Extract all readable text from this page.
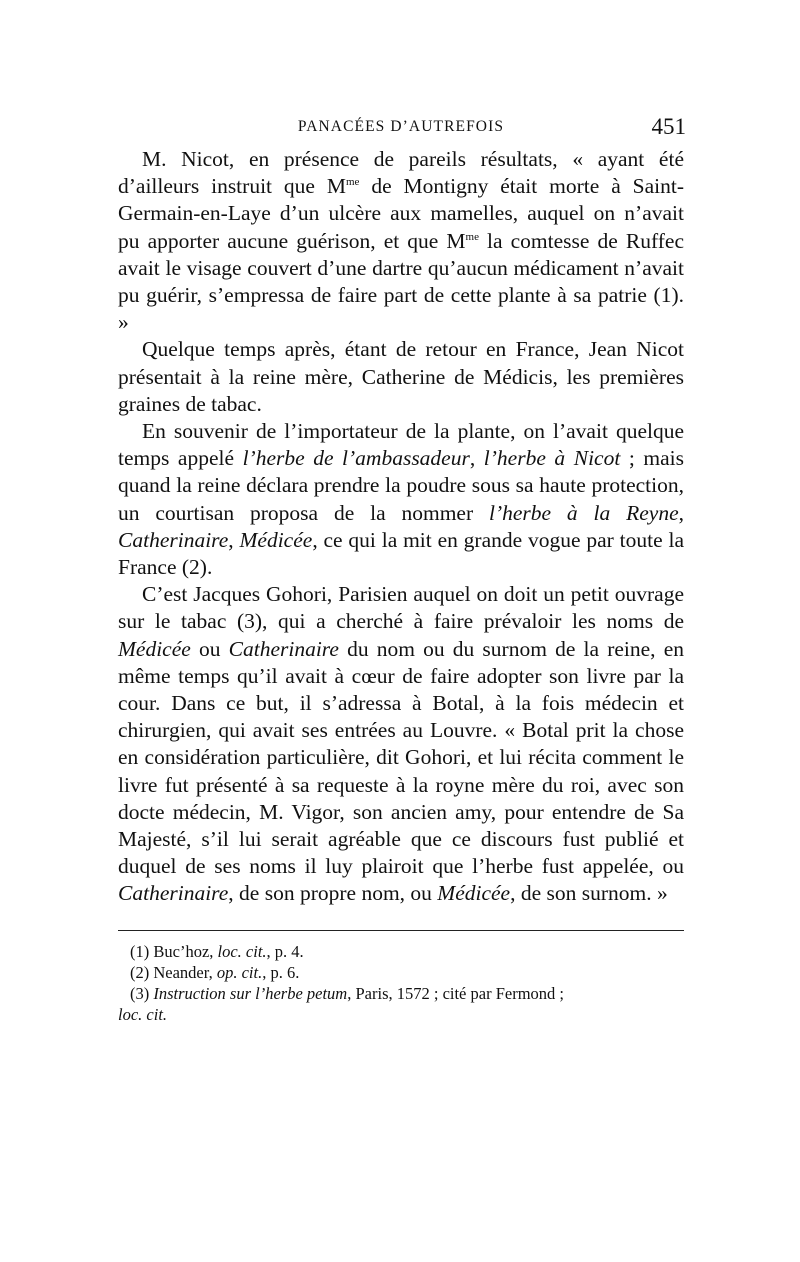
PANACÉES D’AUTREFOIS	451

M. Nicot, en présence de pareils résultats, « ayant été d’ailleurs instruit que $M^{me}$ de Montigny était morte à Saint-Germain-en-Laye d’un ulcère aux mamelles, auquel on n’avait pu apporter aucune guérison, et que $M^{me}$ la comtesse de Ruffec avait le visage couvert d’une dartre qu’aucun médicament n’avait pu guérir, s’empressa de faire part de cette plante à sa patrie (1). »

Quelque temps après, étant de retour en France, Jean Nicot présentait à la reine mère, Catherine de Médicis, les premières graines de tabac.

En souvenir de l’importateur de la plante, on l’avait quelque temps appelé l’herbe de l’ambassadeur, l’herbe à Nicot ; mais quand la reine déclara prendre la poudre sous sa haute protection, un courtisan proposa de la nommer l’herbe à la Reyne, Catherinaire, Médicée, ce qui la mit en grande vogue par toute la France (2).

C’est Jacques Gohori, Parisien auquel on doit un petit ouvrage sur le tabac (3), qui a cherché à faire prévaloir les noms de Médicée ou Catherinaire du nom ou du surnom de la reine, en même temps qu’il avait à cœur de faire adopter son livre par la cour. Dans ce but, il s’adressa à Botal, à la fois médecin et chirurgien, qui avait ses entrées au Louvre. « Botal prit la chose en considération particulière, dit Gohori, et lui récita comment le livre fut présenté à sa requeste à la royne mère du roi, avec son docte médecin, M. Vigor, son ancien amy, pour entendre de Sa Majesté, s’il lui serait agréable que ce discours fust publié et duquel de ses noms il luy plairoit que l’herbe fust appelée, ou Catherinaire, de son propre nom, ou Médicée, de son surnom. »

(1) Buc’hoz, loc. cit., p. 4.
(2) Neander, op. cit., p. 6.
(3) Instruction sur l’herbe petum, Paris, 1572 ; cité par Fermond ;
loc. cit.
